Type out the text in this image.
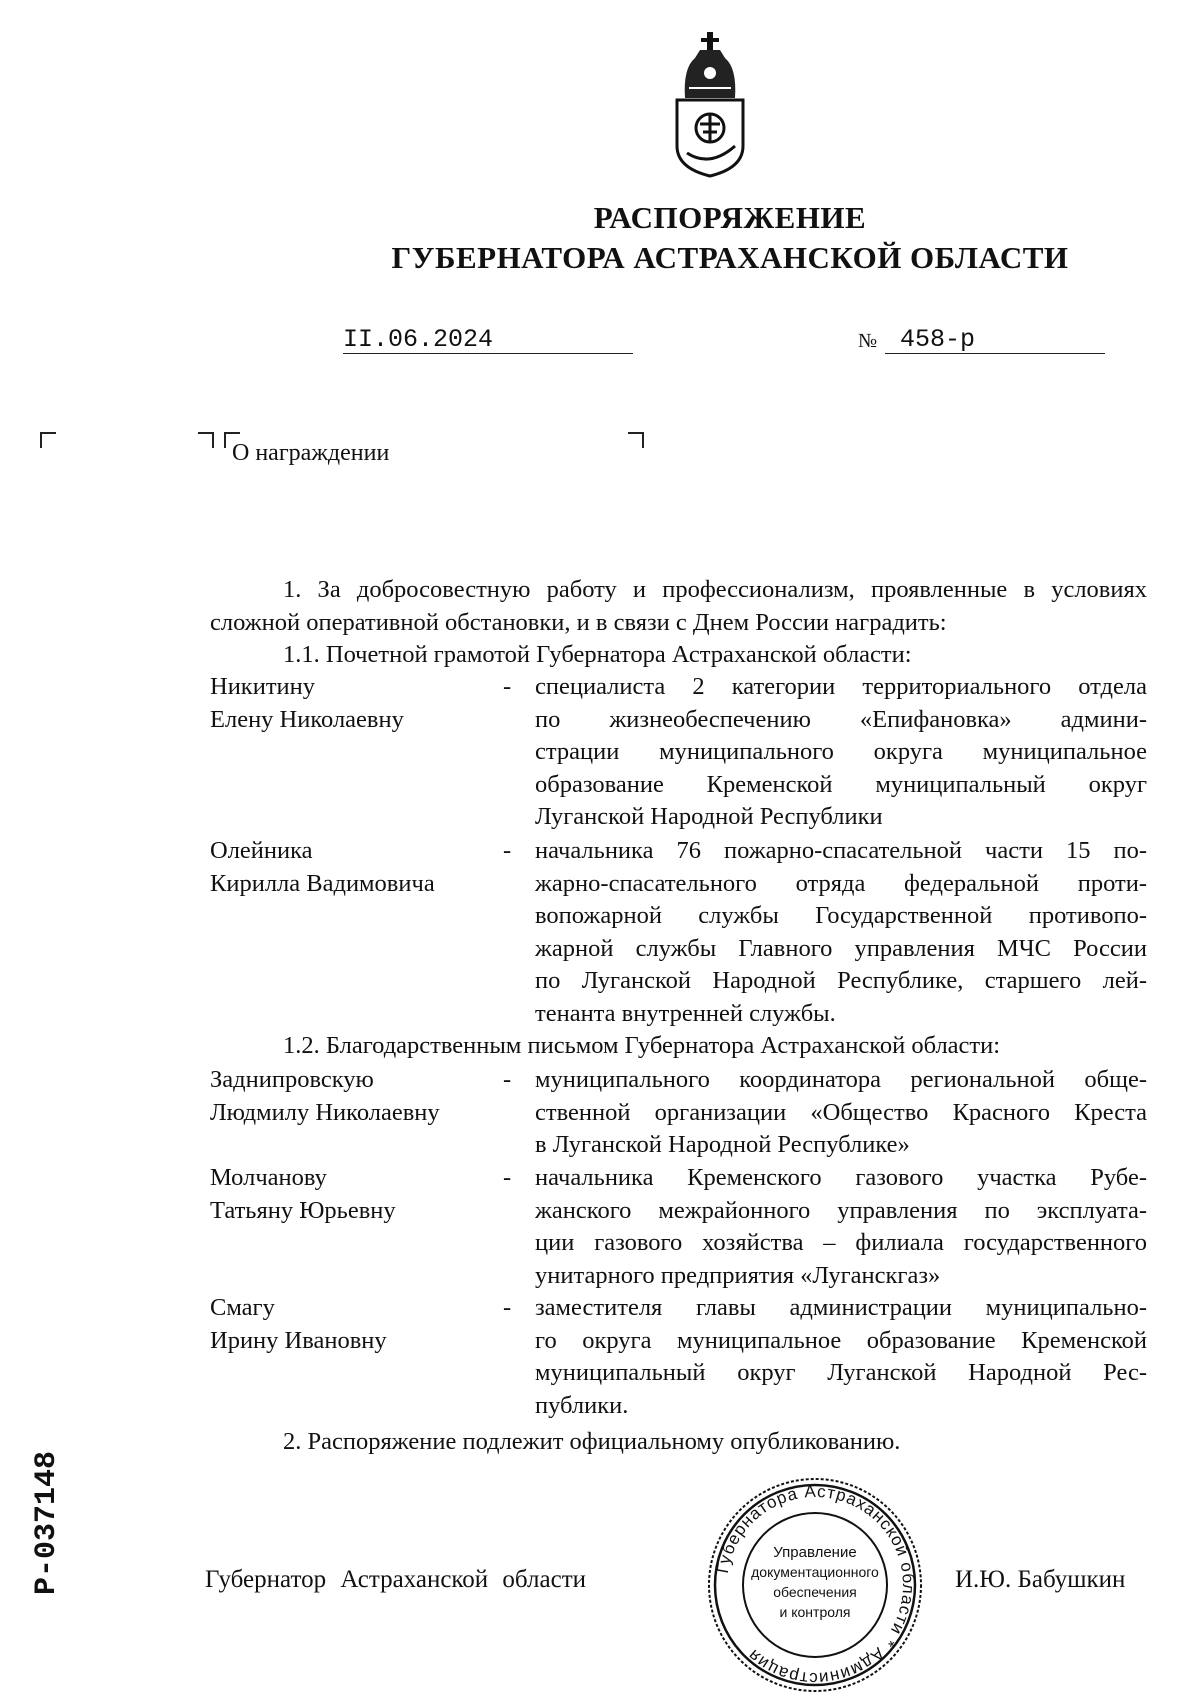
РАСПОРЯЖЕНИЕ
ГУБЕРНАТОРА АСТРАХАНСКОЙ ОБЛАСТИ
II.06.2024	№ 458-р
О награждении
1. За добросовестную работу и профессионализм, проявленные в условиях сложной оперативной обстановки, и в связи с Днем России наградить:
1.1. Почетной грамотой Губернатора Астраханской области:
Никитину
Елену Николаевну
- специалиста 2 категории территориального отдела
по жизнеобеспечению «Епифановка» админи-
страции муниципального округа муниципальное
образование Кременской муниципальный округ
Луганской Народной Республики
Олейника
Кирилла Вадимовича
- начальника 76 пожарно-спасательной части 15 по-
жарно-спасательного отряда федеральной проти-
вопожарной службы Государственной противопо-
жарной службы Главного управления МЧС России
по Луганской Народной Республике, старшего лей-
тенанта внутренней службы.
1.2. Благодарственным письмом Губернатора Астраханской области:
Заднипровскую
Людмилу Николаевну
- муниципального координатора региональной обще-
ственной организации «Общество Красного Креста
в Луганской Народной Республике»
Молчанову
Татьяну Юрьевну
- начальника Кременского газового участка Рубе-
жанского межрайонного управления по эксплуата-
ции газового хозяйства – филиала государственного
унитарного предприятия «Луганскгаз»
Смагу
Ирину Ивановну
- заместителя главы администрации муниципально-
го округа муниципальное образование Кременской
муниципальный округ Луганской Народной Рес-
публики.
2. Распоряжение подлежит официальному опубликованию.
Губернатор Астраханской области	И.Ю. Бабушкин
Губернатора Астраханской области * Администрация
Управление
документационного
обеспечения
и контроля
Р-037148
